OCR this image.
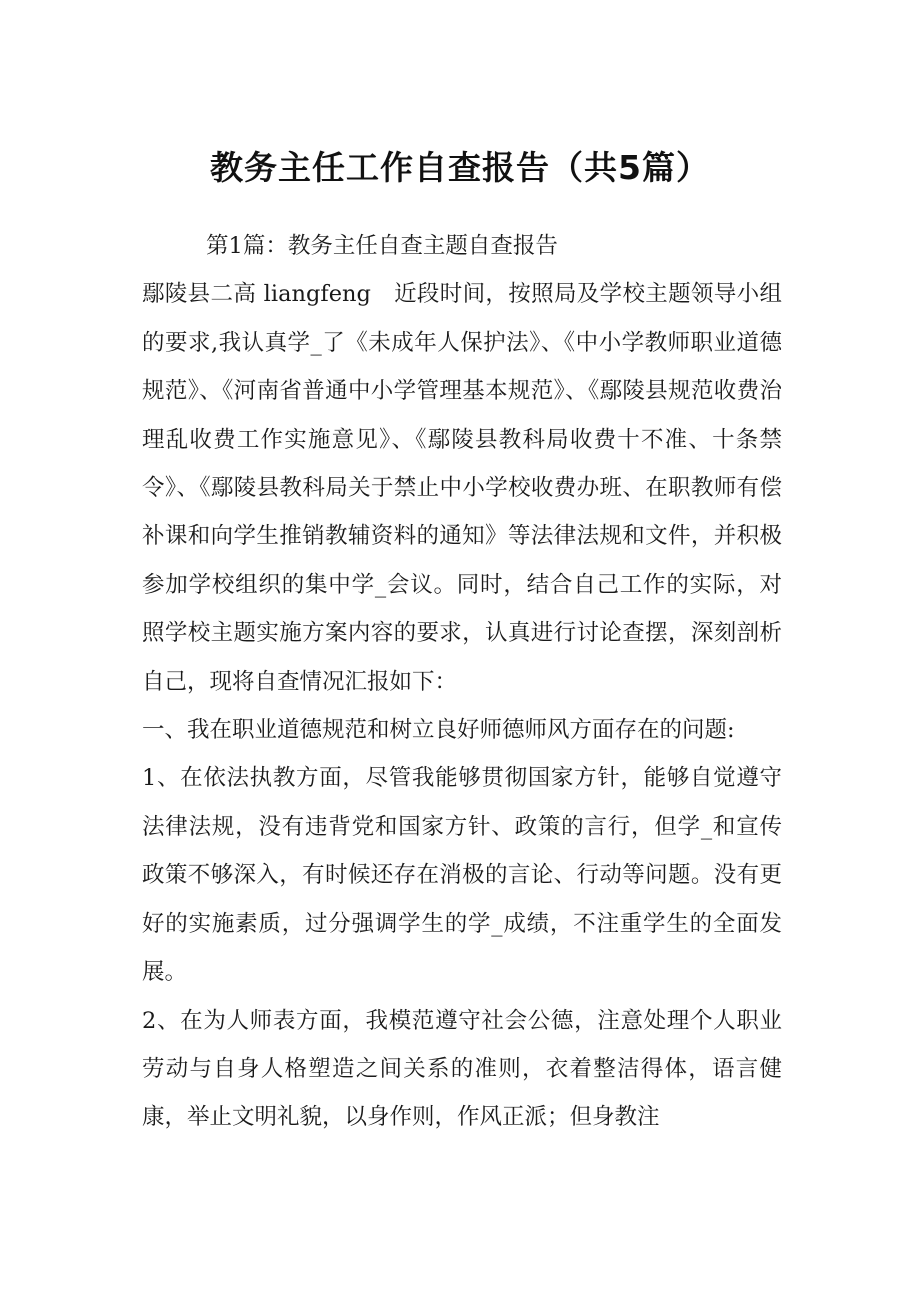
教务主任工作自查报告（共5篇）

第1篇：教务主任自查主题自查报告

鄢陵县二高 liangfeng　近段时间，按照局及学校主题领导小组的要求,我认真学_了《未成年人保护法》、《中小学教师职业道德规范》、《河南省普通中小学管理基本规范》、《鄢陵县规范收费治理乱收费工作实施意见》、《鄢陵县教科局收费十不准、十条禁令》、《鄢陵县教科局关于禁止中小学校收费办班、在职教师有偿补课和向学生推销教辅资料的通知》等法律法规和文件，并积极参加学校组织的集中学_会议。同时，结合自己工作的实际，对照学校主题实施方案内容的要求，认真进行讨论查摆，深刻剖析自己，现将自查情况汇报如下：

一、我在职业道德规范和树立良好师德师风方面存在的问题:

1、在依法执教方面，尽管我能够贯彻国家方针，能够自觉遵守法律法规，没有违背党和国家方针、政策的言行，但学_和宣传政策不够深入，有时候还存在消极的言论、行动等问题。没有更好的实施素质，过分强调学生的学_成绩，不注重学生的全面发展。

2、在为人师表方面，我模范遵守社会公德，注意处理个人职业劳动与自身人格塑造之间关系的准则，衣着整洁得体，语言健康，举止文明礼貌，以身作则，作风正派；但身教注
